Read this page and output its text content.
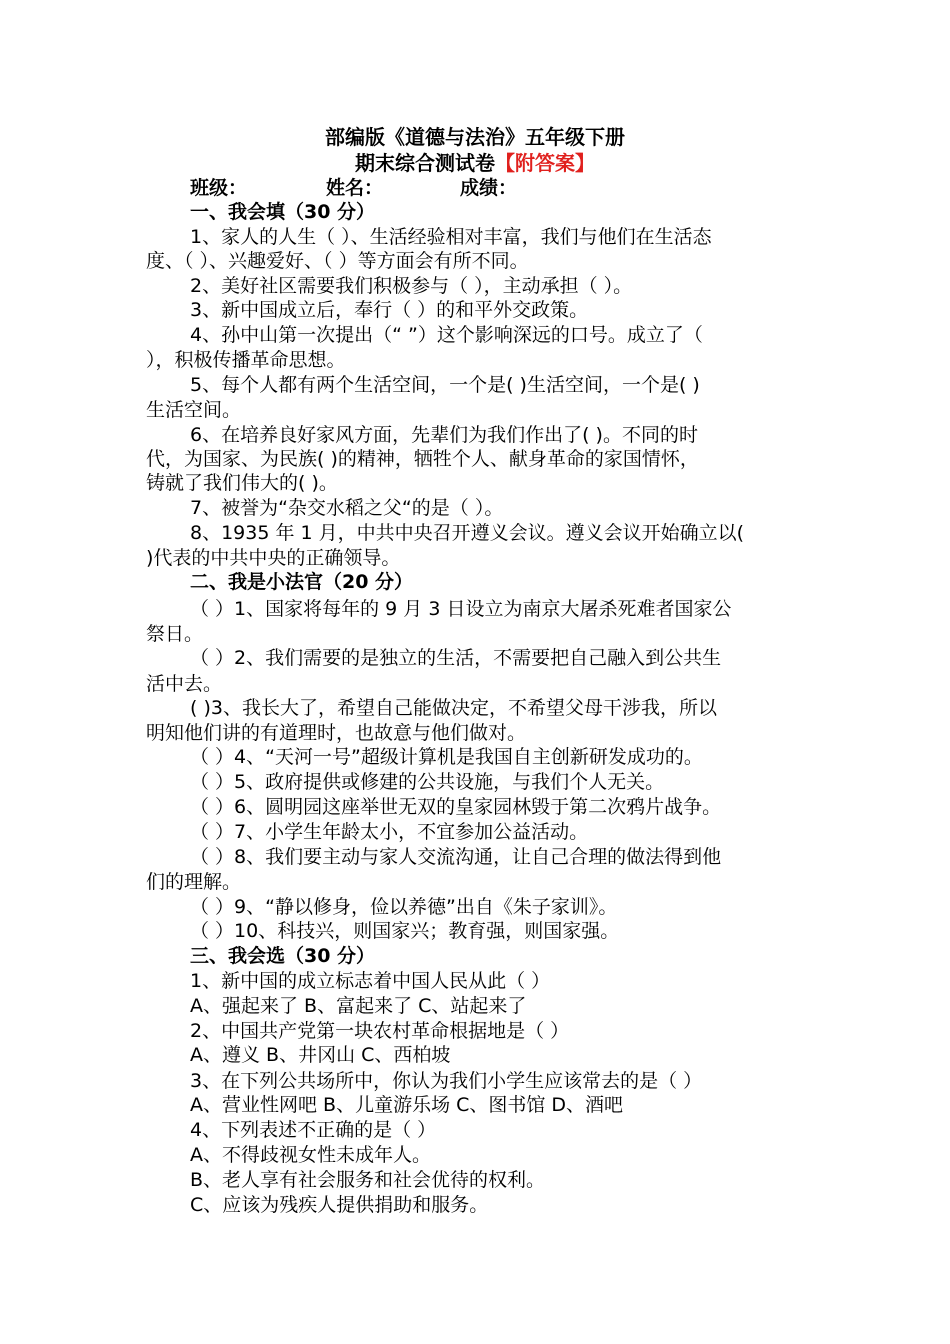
部编版《道德与法治》五年级下册
期末综合测试卷【附答案】
班级：	姓名：	成绩：
一、我会填（30 分）
1、家人的人生（ ）、生活经验相对丰富，我们与他们在生活态
度、（ ）、兴趣爱好、（ ）等方面会有所不同。
2、美好社区需要我们积极参与（ ），主动承担（ ）。
3、新中国成立后，奉行（ ）的和平外交政策。
4、孙中山第一次提出（“ ”）这个影响深远的口号。成立了（
），积极传播革命思想。
5、每个人都有两个生活空间，一个是( )生活空间，一个是( )
生活空间。
6、在培养良好家风方面，先辈们为我们作出了( )。不同的时
代，为国家、为民族( )的精神，牺牲个人、献身革命的家国情怀，
铸就了我们伟大的( )。
7、被誉为“杂交水稻之父“的是（ ）。
8、1935 年 1 月，中共中央召开遵义会议。遵义会议开始确立以(
)代表的中共中央的正确领导。
二、我是小法官（20 分）
（ ）1、国家将每年的 9 月 3 日设立为南京大屠杀死难者国家公
祭日。
（ ）2、我们需要的是独立的生活，不需要把自己融入到公共生
活中去。
( )3、我长大了，希望自己能做决定，不希望父母干涉我，所以
明知他们讲的有道理时，也故意与他们做对。
（ ）4、“天河一号”超级计算机是我国自主创新研发成功的。
（ ）5、政府提供或修建的公共设施，与我们个人无关。
（ ）6、圆明园这座举世无双的皇家园林毁于第二次鸦片战争。
（ ）7、小学生年龄太小，不宜参加公益活动。
（ ）8、我们要主动与家人交流沟通，让自己合理的做法得到他
们的理解。
（ ）9、“静以修身，俭以养德”出自《朱子家训》。
（ ）10、科技兴，则国家兴；教育强，则国家强。
三、我会选（30 分）
1、新中国的成立标志着中国人民从此（ ）
A、强起来了 B、富起来了 C、站起来了
2、中国共产党第一块农村革命根据地是（ ）
A、遵义 B、井冈山 C、西柏坡
3、在下列公共场所中，你认为我们小学生应该常去的是（ ）
A、营业性网吧 B、儿童游乐场 C、图书馆 D、酒吧
4、下列表述不正确的是（ ）
A、不得歧视女性未成年人。
B、老人享有社会服务和社会优待的权利。
C、应该为残疾人提供捐助和服务。
